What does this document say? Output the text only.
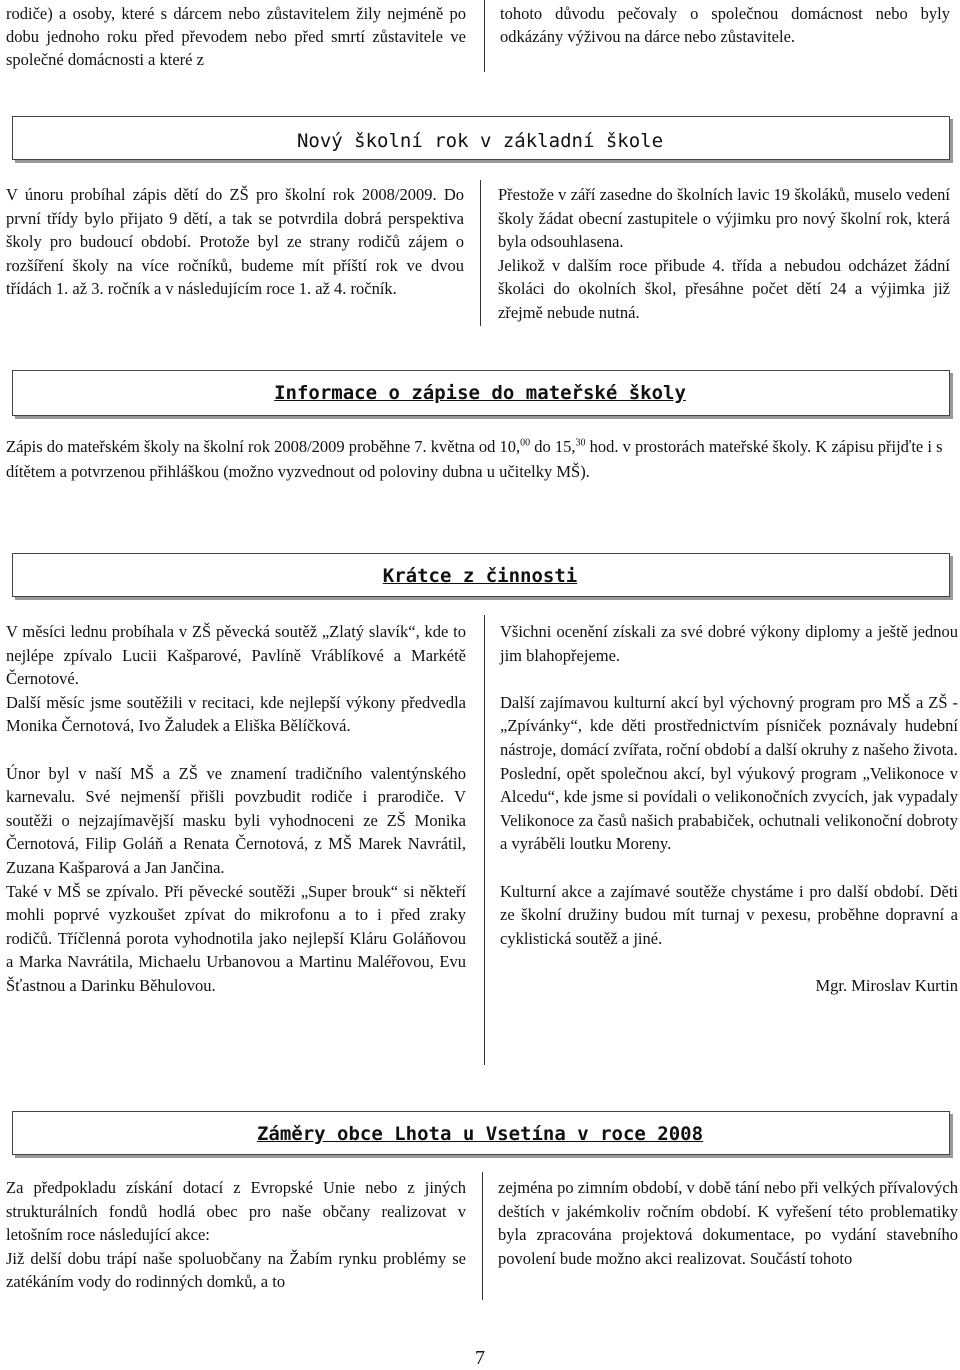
rodiče) a osoby, které s dárcem nebo zůstavitelem žily nejméně po dobu jednoho roku před převodem nebo před smrtí zůstavitele ve společné domácnosti a které z

tohoto důvodu pečovaly o společnou domácnost nebo byly odkázány výživou na dárce nebo zůstavitele.

Nový školní rok v základní škole

V únoru probíhal zápis dětí do ZŠ pro školní rok 2008/2009. Do první třídy bylo přijato 9 dětí, a tak se potvrdila dobrá perspektiva školy pro budoucí období. Protože byl ze strany rodičů zájem o rozšíření školy na více ročníků, budeme mít příští rok ve dvou třídách 1. až 3. ročník a v následujícím roce 1. až 4. ročník.

Přestože v září zasedne do školních lavic 19 školáků, muselo vedení školy žádat obecní zastupitele o výjimku pro nový školní rok, která byla odsouhlasena.

Jelikož v dalším roce přibude 4. třída a nebudou odcházet žádní školáci do okolních škol, přesáhne počet dětí 24 a výjimka již zřejmě nebude nutná.

Informace o zápise do mateřské školy

Zápis do mateřském školy na školní rok 2008/2009 proběhne 7. května od 10,00 do 15,30 hod. v prostorách mateřské školy. K zápisu přijďte i s dítětem a potvrzenou přihláškou (možno vyzvednout od poloviny dubna u učitelky MŠ).

Krátce z činnosti

V měsíci lednu probíhala v ZŠ pěvecká soutěž „Zlatý slavík“, kde to nejlépe zpívalo Lucii Kašparové, Pavlíně Vráblíkové a Markétě Černotové.

Další měsíc jsme soutěžili v recitaci, kde nejlepší výkony předvedla Monika Černotová, Ivo Žaludek a Eliška Bělíčková.

Únor byl v naší MŠ a ZŠ ve znamení tradičního valentýnského karnevalu. Své nejmenší přišli povzbudit rodiče i prarodiče. V soutěži o nejzajímavější masku byli vyhodnoceni ze ZŠ Monika Černotová, Filip Goláň a Renata Černotová, z MŠ Marek Navrátil, Zuzana Kašparová a Jan Jančina.

Také v MŠ se zpívalo. Při pěvecké soutěži „Super brouk“ si někteří mohli poprvé vyzkoušet zpívat do mikrofonu a to i před zraky rodičů. Tříčlenná porota vyhodnotila jako nejlepší Kláru Goláňovou a Marka Navrátila, Michaelu Urbanovou a Martinu Maléřovou, Evu Šťastnou a Darinku Běhulovou.

Všichni ocenění získali za své dobré výkony diplomy a ještě jednou jim blahopřejeme.

Další zajímavou kulturní akcí byl výchovný program pro MŠ a ZŠ - „Zpívánky“, kde děti prostřednictvím písniček poznávaly hudební nástroje, domácí zvířata, roční období a další okruhy z našeho života.

Poslední, opět společnou akcí, byl výukový program „Velikonoce v Alcedu“, kde jsme si povídali o velikonočních zvycích, jak vypadaly Velikonoce za časů našich prababiček, ochutnali velikonoční dobroty a vyráběli loutku Moreny.

Kulturní akce a zajímavé soutěže chystáme i pro další období. Děti ze školní družiny budou mít turnaj v pexesu, proběhne dopravní a cyklistická soutěž a jiné.

Mgr. Miroslav Kurtin

Záměry obce Lhota u Vsetína v roce 2008

Za předpokladu získání dotací z Evropské Unie nebo z jiných strukturálních fondů hodlá obec pro naše občany realizovat v letošním roce následující akce:

Již delší dobu trápí naše spoluobčany na Žabím rynku problémy se zatékáním vody do rodinných domků, a to

zejména po zimním období, v době tání nebo při velkých přívalových deštích v jakémkoliv ročním období. K vyřešení této problematiky byla zpracována projektová dokumentace, po vydání stavebního povolení bude možno akci realizovat. Součástí tohoto

7
